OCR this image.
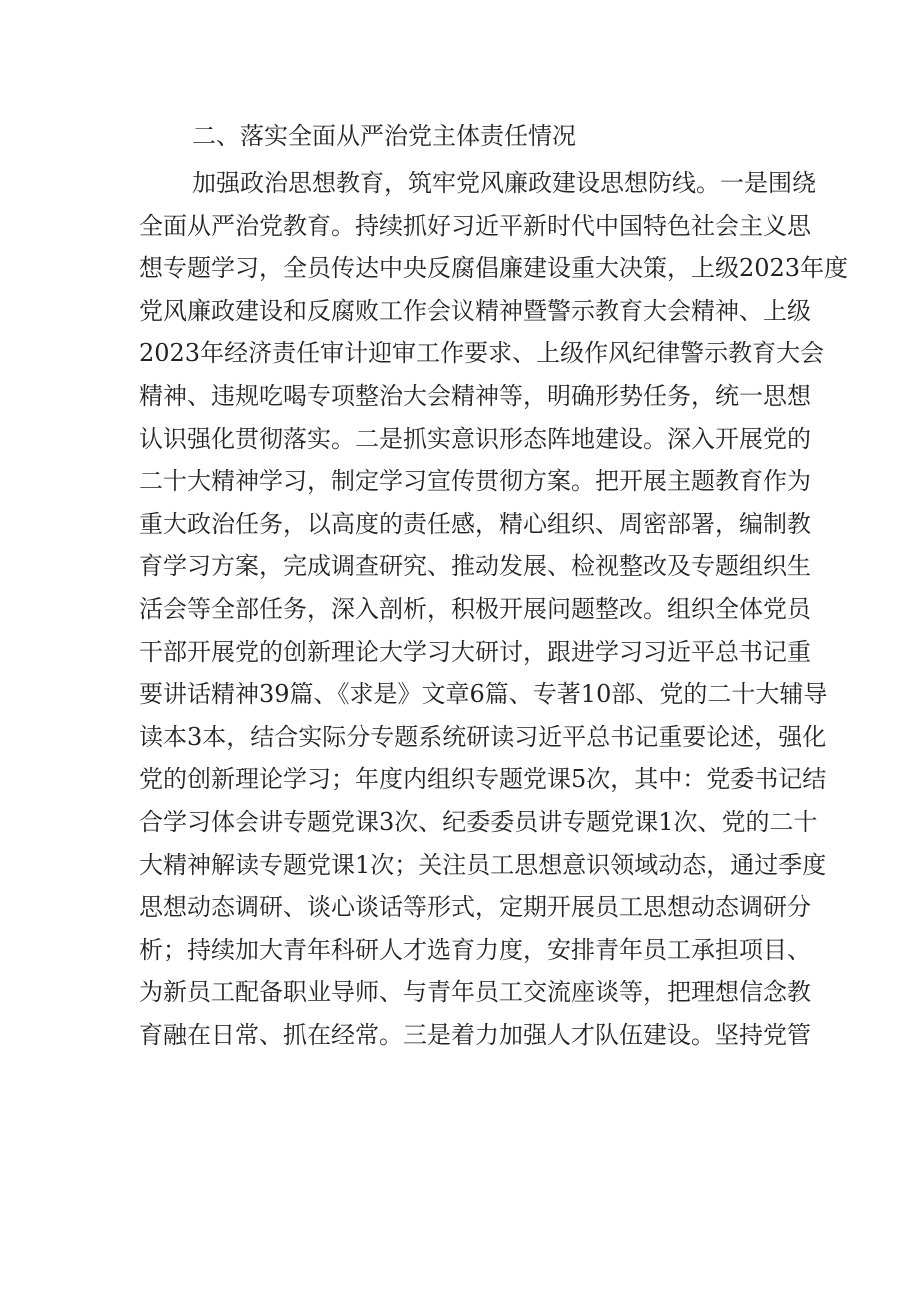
二、落实全面从严治党主体责任情况
加强政治思想教育，筑牢党风廉政建设思想防线。一是围绕
全面从严治党教育。持续抓好习近平新时代中国特色社会主义思
想专题学习，全员传达中央反腐倡廉建设重大决策，上级2023年度
党风廉政建设和反腐败工作会议精神暨警示教育大会精神、上级
2023年经济责任审计迎审工作要求、上级作风纪律警示教育大会
精神、违规吃喝专项整治大会精神等，明确形势任务，统一思想
认识强化贯彻落实。二是抓实意识形态阵地建设。深入开展党的
二十大精神学习，制定学习宣传贯彻方案。把开展主题教育作为
重大政治任务，以高度的责任感，精心组织、周密部署，编制教
育学习方案，完成调查研究、推动发展、检视整改及专题组织生
活会等全部任务，深入剖析，积极开展问题整改。组织全体党员
干部开展党的创新理论大学习大研讨，跟进学习习近平总书记重
要讲话精神39篇、《求是》文章6篇、专著10部、党的二十大辅导
读本3本，结合实际分专题系统研读习近平总书记重要论述，强化
党的创新理论学习；年度内组织专题党课5次，其中：党委书记结
合学习体会讲专题党课3次、纪委委员讲专题党课1次、党的二十
大精神解读专题党课1次；关注员工思想意识领域动态，通过季度
思想动态调研、谈心谈话等形式，定期开展员工思想动态调研分
析；持续加大青年科研人才选育力度，安排青年员工承担项目、
为新员工配备职业导师、与青年员工交流座谈等，把理想信念教
育融在日常、抓在经常。三是着力加强人才队伍建设。坚持党管
